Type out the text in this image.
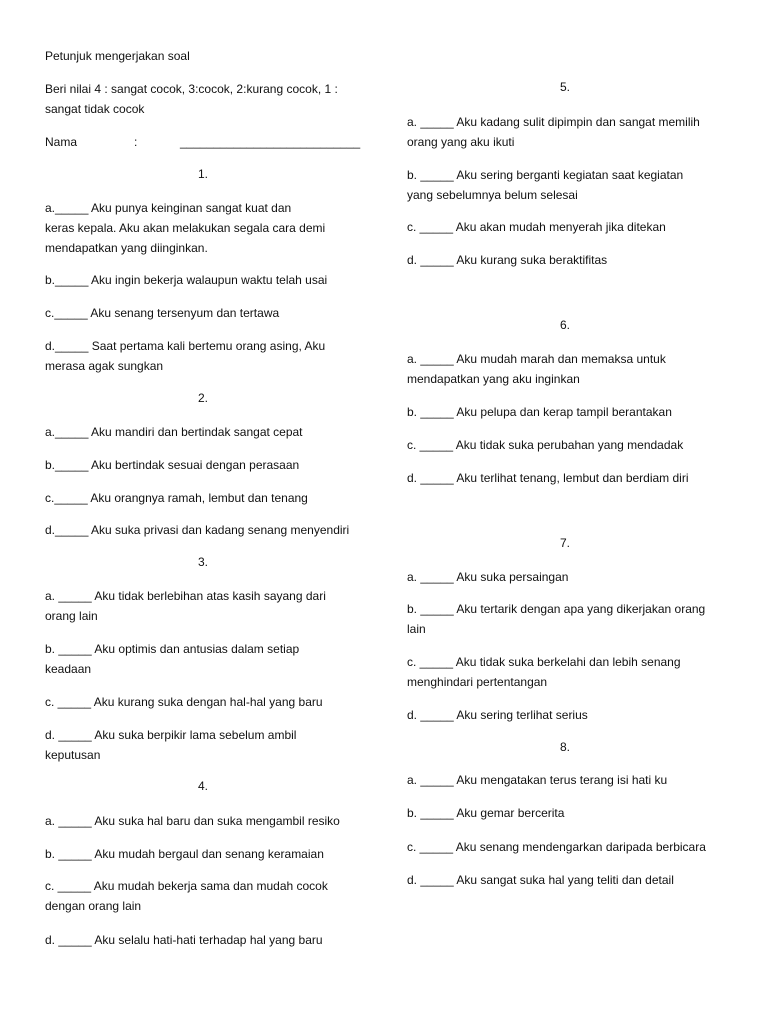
Petunjuk mengerjakan soal
Beri nilai 4 : sangat cocok, 3:cocok, 2:kurang cocok, 1 :
sangat tidak cocok
Nama	:	___________________________
1.
a._____ Aku punya keinginan sangat kuat dan
keras kepala. Aku akan melakukan segala cara demi
mendapatkan yang diinginkan.
b._____ Aku ingin bekerja walaupun waktu telah usai
c._____ Aku senang tersenyum dan tertawa
d._____ Saat pertama kali bertemu orang asing, Aku
merasa agak sungkan
2.
a._____ Aku mandiri dan bertindak sangat cepat
b._____ Aku bertindak sesuai dengan perasaan
c._____ Aku orangnya ramah, lembut dan tenang
d._____ Aku suka privasi dan kadang senang menyendiri
3.
a. _____ Aku tidak berlebihan atas kasih sayang dari
orang lain
b. _____ Aku optimis dan antusias dalam setiap
keadaan
c. _____ Aku kurang suka dengan hal-hal yang baru
d. _____ Aku suka berpikir lama sebelum ambil
keputusan
4.
a. _____ Aku suka hal baru dan suka mengambil resiko
b. _____ Aku mudah bergaul dan senang keramaian
c. _____ Aku mudah bekerja sama dan mudah cocok
dengan orang lain
d. _____ Aku selalu hati-hati terhadap hal yang baru
5.
a. _____ Aku kadang sulit dipimpin dan sangat memilih
orang yang aku ikuti
b. _____ Aku sering berganti kegiatan saat kegiatan
yang sebelumnya belum selesai
c. _____ Aku akan mudah menyerah jika ditekan
d. _____ Aku kurang suka beraktifitas
6.
a. _____ Aku mudah marah dan memaksa untuk
mendapatkan yang aku inginkan
b. _____ Aku pelupa dan kerap tampil berantakan
c. _____ Aku tidak suka perubahan yang mendadak
d. _____ Aku terlihat tenang, lembut dan berdiam diri
7.
a. _____ Aku suka persaingan
b. _____ Aku tertarik dengan apa yang dikerjakan orang
lain
c. _____ Aku tidak suka berkelahi dan lebih senang
menghindari pertentangan
d. _____ Aku sering terlihat serius
8.
a. _____ Aku mengatakan terus terang isi hati ku
b. _____ Aku gemar bercerita
c. _____ Aku senang mendengarkan daripada berbicara
d. _____ Aku sangat suka hal yang teliti dan detail
